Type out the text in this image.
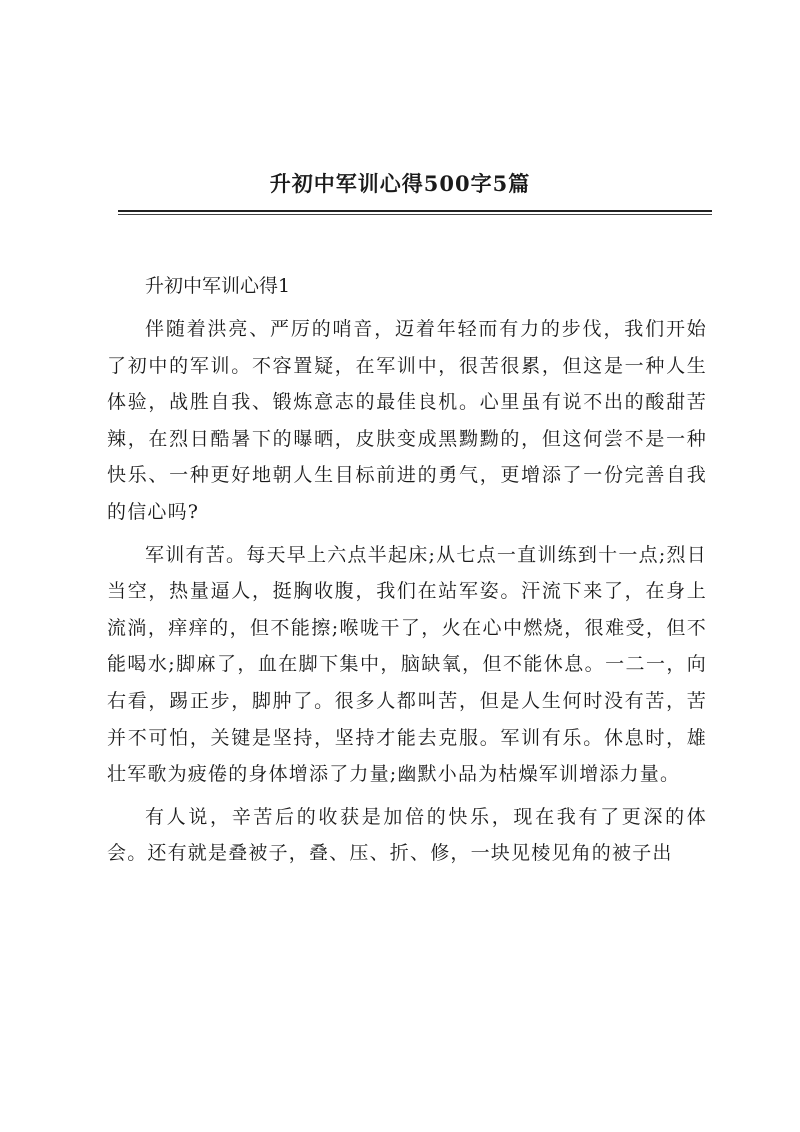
升初中军训心得500字5篇

升初中军训心得1

伴随着洪亮、严厉的哨音，迈着年轻而有力的步伐，我们开始了初中的军训。不容置疑，在军训中，很苦很累，但这是一种人生体验，战胜自我、锻炼意志的最佳良机。心里虽有说不出的酸甜苦辣，在烈日酷暑下的曝晒，皮肤变成黑黝黝的，但这何尝不是一种快乐、一种更好地朝人生目标前进的勇气，更增添了一份完善自我的信心吗?

军训有苦。每天早上六点半起床;从七点一直训练到十一点;烈日当空，热量逼人，挺胸收腹，我们在站军姿。汗流下来了，在身上流淌，痒痒的，但不能擦;喉咙干了，火在心中燃烧，很难受，但不能喝水;脚麻了，血在脚下集中，脑缺氧，但不能休息。一二一，向右看，踢正步，脚肿了。很多人都叫苦，但是人生何时没有苦，苦并不可怕，关键是坚持，坚持才能去克服。军训有乐。休息时，雄壮军歌为疲倦的身体增添了力量;幽默小品为枯燥军训增添力量。

有人说，辛苦后的收获是加倍的快乐，现在我有了更深的体会。还有就是叠被子，叠、压、折、修，一块见棱见角的被子出
